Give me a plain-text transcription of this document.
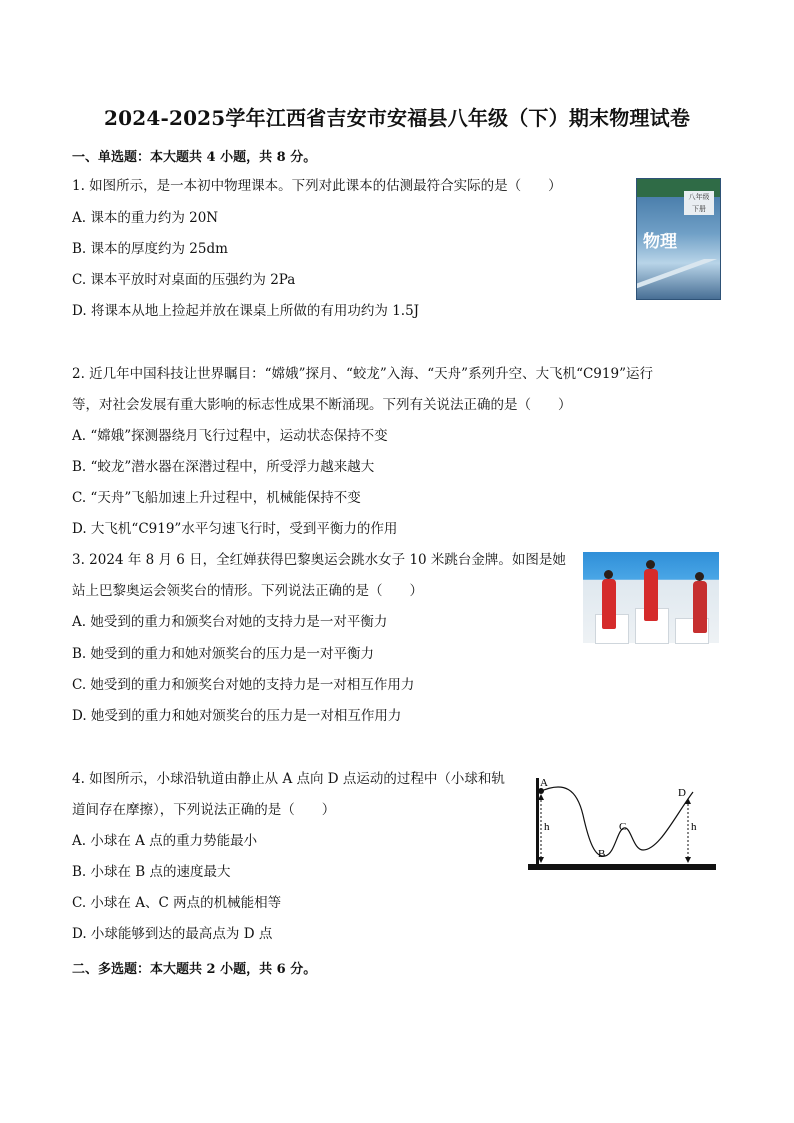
2024-2025学年江西省吉安市安福县八年级（下）期末物理试卷
一、单选题：本大题共 4 小题，共 8 分。
1. 如图所示，是一本初中物理课本。下列对此课本的估测最符合实际的是（　　）
A. 课本的重力约为 20N
B. 课本的厚度约为 25dm
C. 课本平放时对桌面的压强约为 2Pa
D. 将课本从地上捡起并放在课桌上所做的有用功约为 1.5J
八年级
下册
物理
2. 近几年中国科技让世界瞩目：“嫦娥”探月、“蛟龙”入海、“天舟”系列升空、大飞机“C919”运行
等，对社会发展有重大影响的标志性成果不断涌现。下列有关说法正确的是（　　）
A. “嫦娥”探测器绕月飞行过程中，运动状态保持不变
B. “蛟龙”潜水器在深潜过程中，所受浮力越来越大
C. “天舟”飞船加速上升过程中，机械能保持不变
D. 大飞机“C919”水平匀速飞行时，受到平衡力的作用
3. 2024 年 8 月 6 日，全红婵获得巴黎奥运会跳水女子 10 米跳台金牌。如图是她
站上巴黎奥运会领奖台的情形。下列说法正确的是（　　）
A. 她受到的重力和颁奖台对她的支持力是一对平衡力
B. 她受到的重力和她对颁奖台的压力是一对平衡力
C. 她受到的重力和颁奖台对她的支持力是一对相互作用力
D. 她受到的重力和她对颁奖台的压力是一对相互作用力
4. 如图所示，小球沿轨道由静止从 A 点向 D 点运动的过程中（小球和轨
道间存在摩擦），下列说法正确的是（　　）
A. 小球在 A 点的重力势能最小
B. 小球在 B 点的速度最大
C. 小球在 A、C 两点的机械能相等
D. 小球能够到达的最高点为 D 点
A
B
C
D
h	h
二、多选题：本大题共 2 小题，共 6 分。
